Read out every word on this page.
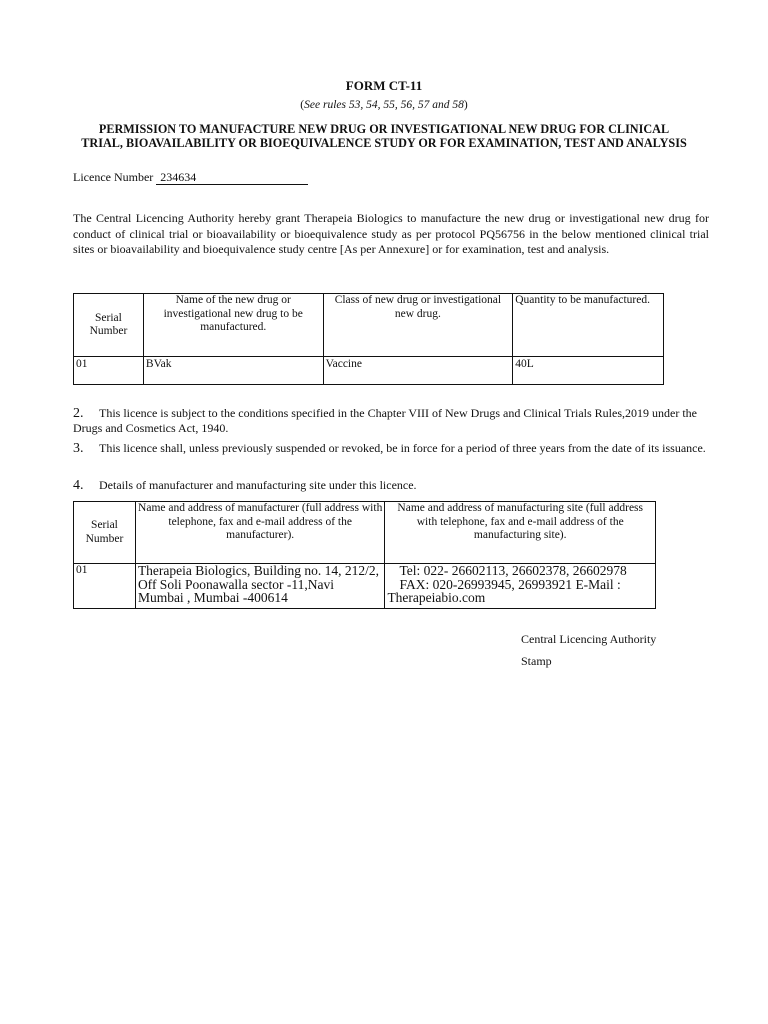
FORM CT-11
(See rules 53, 54, 55, 56, 57 and 58)
PERMISSION TO MANUFACTURE NEW DRUG OR INVESTIGATIONAL NEW DRUG FOR CLINICAL TRIAL, BIOAVAILABILITY OR BIOEQUIVALENCE STUDY OR FOR EXAMINATION, TEST AND ANALYSIS
Licence Number 234634
The Central Licencing Authority hereby grant Therapeia Biologics to manufacture the new drug or investigational new drug for conduct of clinical trial or bioavailability or bioequivalence study as per protocol PQ56756 in the below mentioned clinical trial sites or bioavailability and bioequivalence study centre [As per Annexure] or for examination, test and analysis.
Serial Number	Name of the new drug or investigational new drug to be manufactured.	Class of new drug or investigational new drug.	Quantity to be manufactured.
01	BVak	Vaccine	40L
2. This licence is subject to the conditions specified in the Chapter VIII of New Drugs and Clinical Trials Rules,2019 under the Drugs and Cosmetics Act, 1940.
3. This licence shall, unless previously suspended or revoked, be in force for a period of three years from the date of its issuance.
4. Details of manufacturer and manufacturing site under this licence.
Serial Number	Name and address of manufacturer (full address with telephone, fax and e-mail address of the manufacturer).	Name and address of manufacturing site (full address with telephone, fax and e-mail address of the manufacturing site).
01	Therapeia Biologics, Building no. 14, 212/2, Off Soli Poonawalla sector -11,Navi Mumbai , Mumbai -400614	Tel: 022- 26602113, 26602378, 26602978
FAX: 020-26993945, 26993921 E-Mail :
Therapeiabio.com
Central Licencing Authority
Stamp
